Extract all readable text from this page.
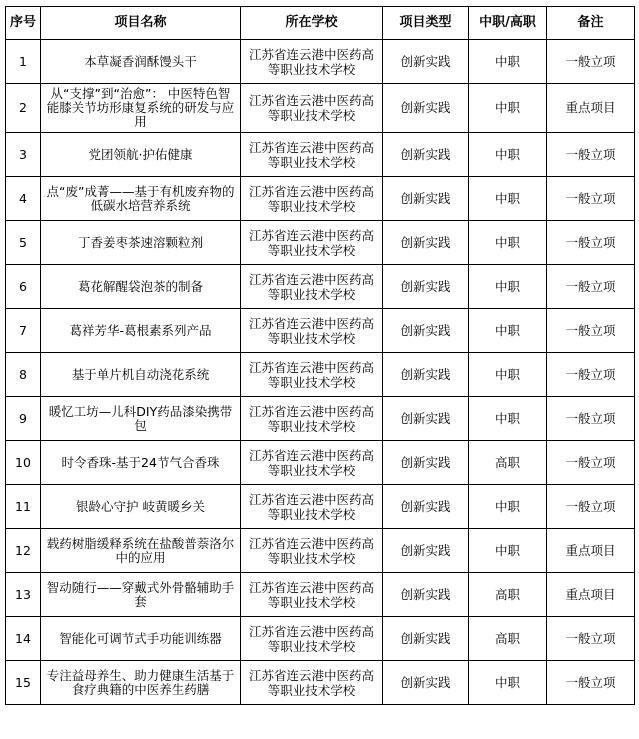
序号	项目名称	所在学校	项目类型	中职/高职	备注
1	本草凝香润酥馒头干	江苏省连云港中医药高等职业技术学校	创新实践	中职	一般立项
2	从“支撑”到“治愈”： 中医特色智能膝关节坊形康复系统的研发与应用	江苏省连云港中医药高等职业技术学校	创新实践	中职	重点项目
3	党团领航·护佑健康	江苏省连云港中医药高等职业技术学校	创新实践	中职	一般立项
4	点“废”成菁——基于有机废弃物的低碳水培营养系统	江苏省连云港中医药高等职业技术学校	创新实践	中职	一般立项
5	丁香姜枣茶速溶颗粒剂	江苏省连云港中医药高等职业技术学校	创新实践	中职	一般立项
6	葛花解醒袋泡茶的制备	江苏省连云港中医药高等职业技术学校	创新实践	中职	一般立项
7	葛祥芳华-葛根素系列产品	江苏省连云港中医药高等职业技术学校	创新实践	中职	一般立项
8	基于单片机自动浇花系统	江苏省连云港中医药高等职业技术学校	创新实践	中职	一般立项
9	暖忆工坊—儿科DIY药品漆染携带包	江苏省连云港中医药高等职业技术学校	创新实践	中职	一般立项
10	时令香珠-基于24节气合香珠	江苏省连云港中医药高等职业技术学校	创新实践	高职	一般立项
11	银龄心守护 岐黄暖乡关	江苏省连云港中医药高等职业技术学校	创新实践	中职	一般立项
12	载药树脂缓释系统在盐酸普萘洛尔中的应用	江苏省连云港中医药高等职业技术学校	创新实践	中职	重点项目
13	智动随行——穿戴式外骨骼辅助手套	江苏省连云港中医药高等职业技术学校	创新实践	高职	重点项目
14	智能化可调节式手功能训练器	江苏省连云港中医药高等职业技术学校	创新实践	高职	一般立项
15	专注益母养生、助力健康生活基于食疗典籍的中医养生药膳	江苏省连云港中医药高等职业技术学校	创新实践	中职	一般立项
